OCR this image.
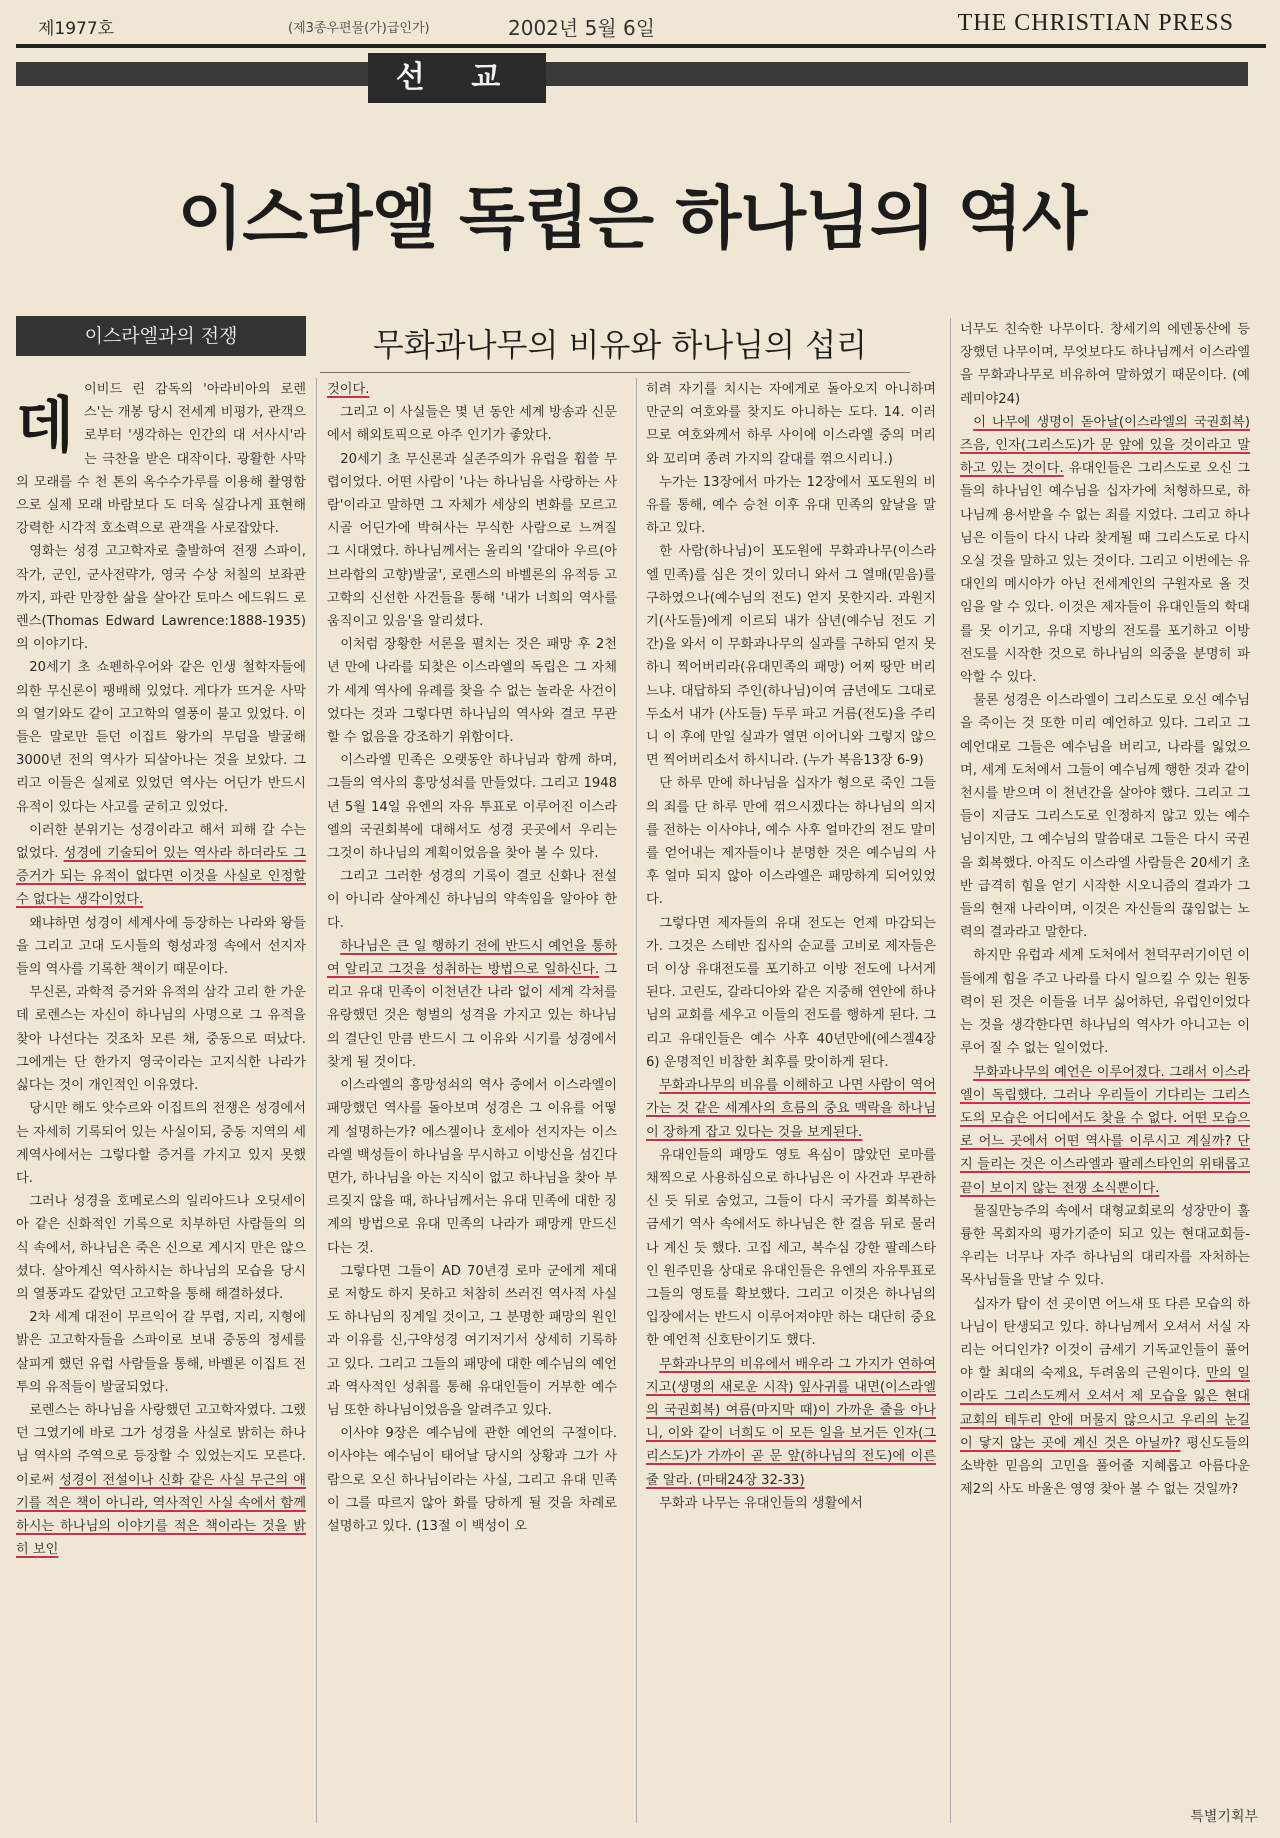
제1977호	(제3종우편물(가)급인가)	2002년 5월 6일	THE CHRISTIAN PRESS
선 교
이스라엘 독립은 하나님의 역사
이스라엘과의 전쟁	무화과나무의 비유와 하나님의 섭리
데

이비드 린 감독의 '아라비아의 로렌스'는 개봉 당시 전세계 비평가, 관객으로부터 '생각하는 인간의 대 서사시'라는 극찬을 받은 대작이다. 광활한 사막의 모래를 수 천 톤의 옥수수가루를 이용해 촬영함으로 실제 모래 바람보다 도 더욱 실감나게 표현해 강력한 시각적 호소력으로 관객을 사로잡았다.

영화는 성경 고고학자로 출발하여 전쟁 스파이, 작가, 군인, 군사전략가, 영국 수상 처칠의 보좌관까지, 파란 만장한 삶을 살아간 토마스 에드워드 로렌스(Thomas Edward Lawrence:1888-1935)의 이야기다.

20세기 초 쇼펜하우어와 같은 인생 철학자들에 의한 무신론이 팽배해 있었다. 게다가 뜨거운 사막의 열기와도 같이 고고학의 열풍이 불고 있었다. 이들은 말로만 듣던 이집트 왕가의 무덤을 발굴해 3000년 전의 역사가 되살아나는 것을 보았다. 그리고 이들은 실제로 있었던 역사는 어딘가 반드시 유적이 있다는 사고를 굳히고 있었다.

이러한 분위기는 성경이라고 해서 피해 갈 수는 없었다. 성경에 기술되어 있는 역사라 하더라도 그 증거가 되는 유적이 없다면 이것을 사실로 인정할 수 없다는 생각이었다.

왜냐하면 성경이 세계사에 등장하는 나라와 왕들을 그리고 고대 도시들의 형성과정 속에서 선지자들의 역사를 기록한 책이기 때문이다.

무신론, 과학적 증거와 유적의 삼각 고리 한 가운데 로렌스는 자신이 하나님의 사명으로 그 유적을 찾아 나선다는 것조차 모른 채, 중동으로 떠났다. 그에게는 단 한가지 영국이라는 고지식한 나라가 싫다는 것이 개인적인 이유였다.

당시만 해도 앗수르와 이집트의 전쟁은 성경에서는 자세히 기록되어 있는 사실이되, 중동 지역의 세계역사에서는 그렇다할 증거를 가지고 있지 못했다.

그러나 성경을 호메로스의 일리아드나 오딧세이아 같은 신화적인 기록으로 치부하던 사람들의 의식 속에서, 하나님은 죽은 신으로 계시지 만은 않으셨다. 살아계신 역사하시는 하나님의 모습을 당시의 열풍과도 같았던 고고학을 통해 해결하셨다.

2차 세계 대전이 무르익어 갈 무렵, 지리, 지형에 밝은 고고학자들을 스파이로 보내 중동의 정세를 살피게 했던 유럽 사람들을 통해, 바벨론 이집트 전투의 유적들이 발굴되었다.

로렌스는 하나님을 사랑했던 고고학자였다. 그랬던 그였기에 바로 그가 성경을 사실로 밝히는 하나님 역사의 주역으로 등장할 수 있었는지도 모른다. 이로써 성경이 전설이나 신화 같은 사실 무근의 얘기를 적은 책이 아니라, 역사적인 사실 속에서 함께 하시는 하나님의 이야기를 적은 책이라는 것을 밝히 보인

것이다.

그리고 이 사실들은 몇 년 동안 세계 방송과 신문에서 해외토픽으로 아주 인기가 좋았다.

20세기 초 무신론과 실존주의가 유럽을 휩쓸 무렵이었다. 어떤 사람이 '나는 하나님을 사랑하는 사람'이라고 말하면 그 자체가 세상의 변화를 모르고 시골 어딘가에 박혀사는 무식한 사람으로 느껴질 그 시대였다. 하나님께서는 올리의 '갈대아 우르(아브라함의 고향)발굴', 로렌스의 바벨론의 유적등 고고학의 신선한 사건들을 통해 '내가 너희의 역사를 움직이고 있음'을 알리셨다.

이처럼 장황한 서론을 펼치는 것은 패망 후 2천년 만에 나라를 되찾은 이스라엘의 독립은 그 자체가 세계 역사에 유례를 찾을 수 없는 놀라운 사건이었다는 것과 그렇다면 하나님의 역사와 결코 무관할 수 없음을 강조하기 위함이다.

이스라엘 민족은 오랫동안 하나님과 함께 하며, 그들의 역사의 흥망성쇠를 만들었다. 그리고 1948년 5월 14일 유엔의 자유 투표로 이루어진 이스라엘의 국권회복에 대해서도 성경 곳곳에서 우리는 그것이 하나님의 계획이었음을 찾아 볼 수 있다.

그리고 그러한 성경의 기록이 결코 신화나 전설이 아니라 살아계신 하나님의 약속임을 알아야 한다.

하나님은 큰 일 행하기 전에 반드시 예언을 통하여 알리고 그것을 성취하는 방법으로 일하신다. 그리고 유대 민족이 이천년간 나라 없이 세계 각처를 유랑했던 것은 형벌의 성격을 가지고 있는 하나님의 결단인 만큼 반드시 그 이유와 시기를 성경에서 찾게 될 것이다.

이스라엘의 흥망성쇠의 역사 중에서 이스라엘이 패망했던 역사를 돌아보며 성경은 그 이유를 어떻게 설명하는가? 에스겔이나 호세아 선지자는 이스라엘 백성들이 하나님을 무시하고 이방신을 섬긴다면가, 하나님을 아는 지식이 없고 하나님을 찾아 부르짖지 않을 때, 하나님께서는 유대 민족에 대한 징계의 방법으로 유대 민족의 나라가 패망케 만드신다는 것.

그렇다면 그들이 AD 70년경 로마 군에게 제대로 저항도 하지 못하고 처참히 쓰러진 역사적 사실도 하나님의 징계일 것이고, 그 분명한 패망의 원인과 이유를 신,구약성경 여기저기서 상세히 기록하고 있다. 그리고 그들의 패망에 대한 예수님의 예언과 역사적인 성취를 통해 유대인들이 거부한 예수님 또한 하나님이었음을 알려주고 있다.

이사야 9장은 예수님에 관한 예언의 구절이다. 이사야는 예수님이 태어날 당시의 상황과 그가 사람으로 오신 하나님이라는 사실, 그리고 유대 민족이 그를 따르지 않아 화를 당하게 될 것을 차례로 설명하고 있다. (13절 이 백성이 오

히려 자기를 치시는 자에게로 돌아오지 아니하며 만군의 여호와를 찾지도 아니하는 도다. 14. 이러므로 여호와께서 하루 사이에 이스라엘 중의 머리와 꼬리며 종려 가지의 갈대를 꺾으시리니.)

누가는 13장에서 마가는 12장에서 포도원의 비유를 통해, 예수 승천 이후 유대 민족의 앞날을 말하고 있다.

한 사람(하나님)이 포도원에 무화과나무(이스라엘 민족)를 심은 것이 있더니 와서 그 열매(믿음)를 구하였으나(예수님의 전도) 얻지 못한지라. 과원지기(사도들)에게 이르되 내가 삼년(예수님 전도 기간)을 와서 이 무화과나무의 실과를 구하되 얻지 못하니 찍어버리라(유대민족의 패망) 어찌 땅만 버리느냐. 대답하되 주인(하나님)이여 금년에도 그대로 두소서 내가 (사도들) 두루 파고 거름(전도)을 주리니 이 후에 만일 실과가 열면 이어니와 그렇지 않으면 찍어버리소서 하시니라. (누가 복음13장 6-9)

단 하루 만에 하나님을 십자가 형으로 죽인 그들의 죄를 단 하루 만에 꺾으시겠다는 하나님의 의지를 전하는 이사야나, 예수 사후 얼마간의 전도 말미를 얻어내는 제자들이나 분명한 것은 예수님의 사후 얼마 되지 않아 이스라엘은 패망하게 되어있었다.

그렇다면 제자들의 유대 전도는 언제 마감되는가. 그것은 스테반 집사의 순교를 고비로 제자들은 더 이상 유대전도를 포기하고 이방 전도에 나서게 된다. 고린도, 갈라디아와 같은 지중해 연안에 하나님의 교회를 세우고 이들의 전도를 행하게 된다. 그리고 유대인들은 예수 사후 40년만에(에스겔4장 6) 운명적인 비참한 최후를 맞이하게 된다.

무화과나무의 비유를 이해하고 나면 사람이 역어 가는 것 같은 세계사의 흐름의 중요 맥락을 하나님이 장하게 잡고 있다는 것을 보게된다.

유대인들의 패망도 영토 욕심이 많았던 로마를 채찍으로 사용하심으로 하나님은 이 사건과 무관하신 듯 뒤로 숨었고, 그들이 다시 국가를 회복하는 금세기 역사 속에서도 하나님은 한 걸음 뒤로 물러나 계신 듯 했다. 고집 세고, 복수심 강한 팔레스타인 원주민을 상대로 유대인들은 유엔의 자유투표로 그들의 영토를 확보했다. 그리고 이것은 하나님의 입장에서는 반드시 이루어져야만 하는 대단히 중요한 예언적 신호탄이기도 했다.

무화과나무의 비유에서 배우라 그 가지가 연하여지고(생명의 새로운 시작) 잎사귀를 내면(이스라엘의 국권회복) 여름(마지막 때)이 가까운 줄을 아나니, 이와 같이 너희도 이 모든 일을 보거든 인자(그리스도)가 가까이 곧 문 앞(하나님의 전도)에 이른 줄 알라. (마태24장 32-33)

무화과 나무는 유대인들의 생활에서

너무도 친숙한 나무이다. 창세기의 에덴동산에 등장했던 나무이며, 무엇보다도 하나님께서 이스라엘을 무화과나무로 비유하여 말하였기 때문이다. (예레미야24)

이 나무에 생명이 돋아날(이스라엘의 국권회복) 즈음, 인자(그리스도)가 문 앞에 있을 것이라고 말하고 있는 것이다. 유대인들은 그리스도로 오신 그들의 하나님인 예수님을 십자가에 처형하므로, 하나님께 용서받을 수 없는 죄를 지었다. 그리고 하나님은 이들이 다시 나라 찾게될 때 그리스도로 다시 오실 것을 말하고 있는 것이다. 그리고 이번에는 유대인의 메시아가 아닌 전세계인의 구원자로 올 것임을 알 수 있다. 이것은 제자들이 유대인들의 학대를 못 이기고, 유대 지방의 전도를 포기하고 이방 전도를 시작한 것으로 하나님의 의중을 분명히 파악할 수 있다.

물론 성경은 이스라엘이 그리스도로 오신 예수님을 죽이는 것 또한 미리 예언하고 있다. 그리고 그 예언대로 그들은 예수님을 버리고, 나라를 잃었으며, 세계 도처에서 그들이 예수님께 행한 것과 같이 천시를 받으며 이 천년간을 살아야 했다. 그리고 그들이 지금도 그리스도로 인정하지 않고 있는 예수님이지만, 그 예수님의 말씀대로 그들은 다시 국권을 회복했다. 아직도 이스라엘 사람들은 20세기 초반 급격히 힘을 얻기 시작한 시오니즘의 결과가 그들의 현재 나라이며, 이것은 자신들의 끊임없는 노력의 결과라고 말한다.

하지만 유럽과 세계 도처에서 천덕꾸러기이던 이들에게 힘을 주고 나라를 다시 일으킬 수 있는 원동력이 된 것은 이들을 너무 싫어하던, 유럽인이었다는 것을 생각한다면 하나님의 역사가 아니고는 이루어 질 수 없는 일이었다.

무화과나무의 예언은 이루어졌다. 그래서 이스라엘이 독립했다. 그러나 우리들이 기다리는 그리스도의 모습은 어디에서도 찾을 수 없다. 어떤 모습으로 어느 곳에서 어떤 역사를 이루시고 계실까? 단지 들리는 것은 이스라엘과 팔레스타인의 위태롭고 끝이 보이지 않는 전쟁 소식뿐이다.

물질만능주의 속에서 대형교회로의 성장만이 훌륭한 목회자의 평가기준이 되고 있는 현대교회들- 우리는 너무나 자주 하나님의 대리자를 자처하는 목사님들을 만날 수 있다.

십자가 탑이 선 곳이면 어느새 또 다른 모습의 하나님이 탄생되고 있다. 하나님께서 오셔서 서실 자리는 어디인가? 이것이 금세기 기독교인들이 풀어야 할 최대의 숙제요, 두려움의 근원이다. 만의 일이라도 그리스도께서 오셔서 제 모습을 잃은 현대교회의 테두리 안에 머물지 않으시고 우리의 눈길이 닿지 않는 곳에 계신 것은 아닐까? 평신도들의 소박한 믿음의 고민을 풀어줄 지혜롭고 아름다운 제2의 사도 바울은 영영 찾아 볼 수 없는 것일까?

특별기획부
